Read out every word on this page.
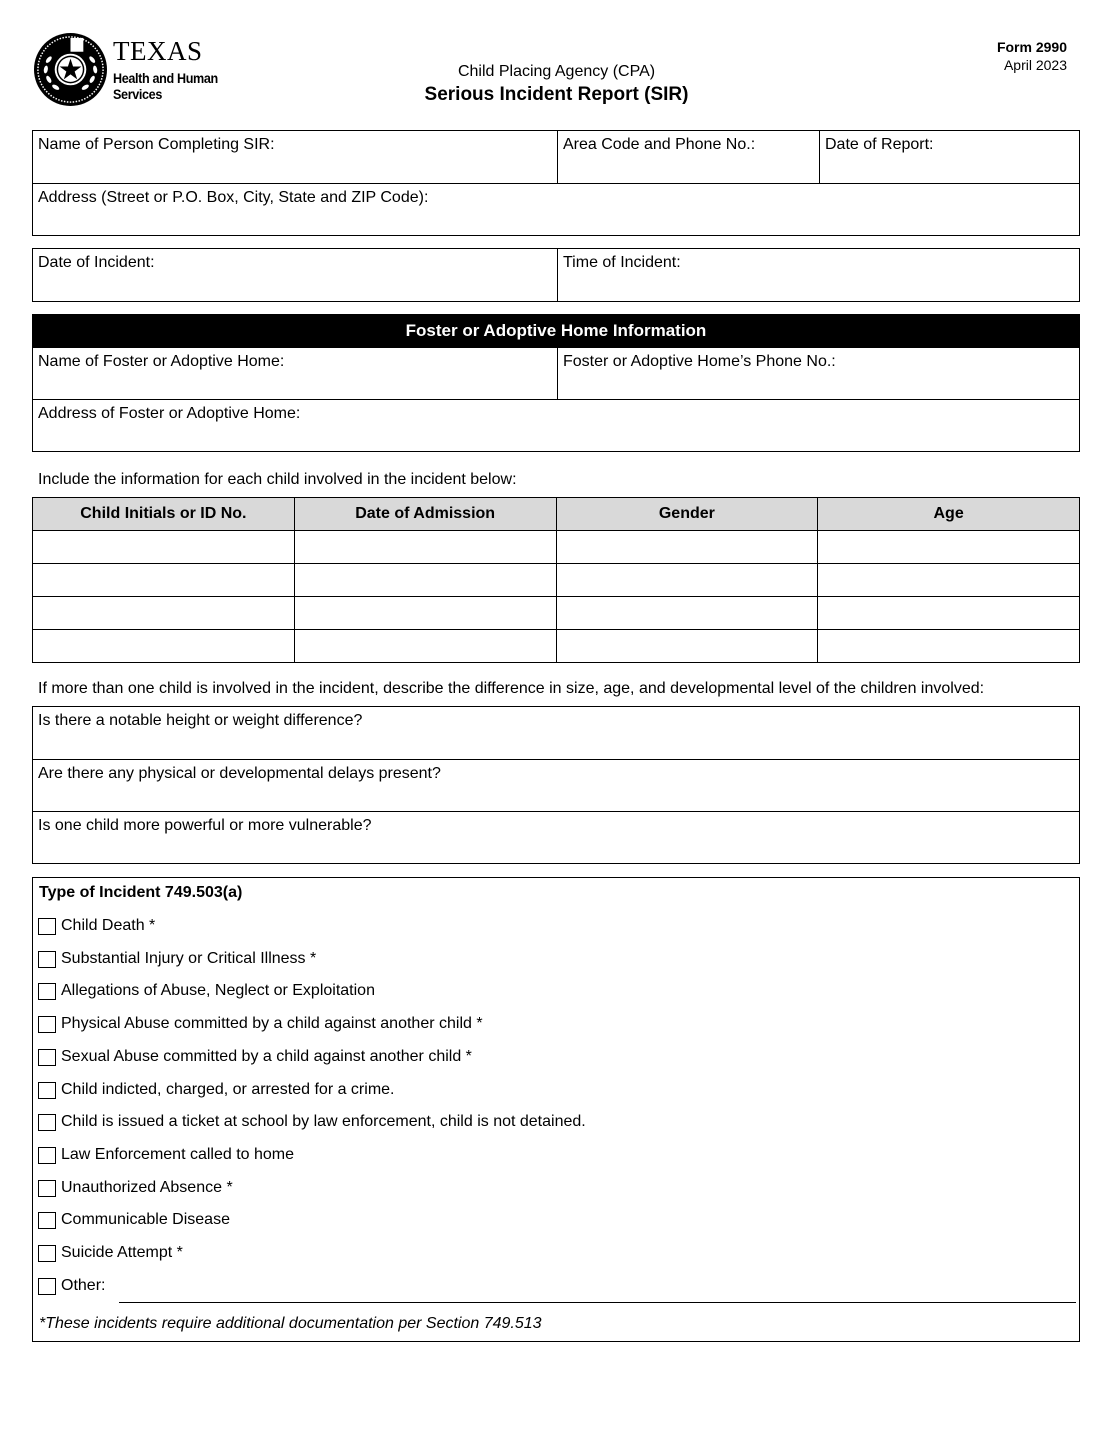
TEXAS
Health and Human
Services
Child Placing Agency (CPA)
Serious Incident Report (SIR)
Form 2990
April 2023
Name of Person Completing SIR:	Area Code and Phone No.:	Date of Report:
Address (Street or P.O. Box, City, State and ZIP Code):
Date of Incident:	Time of Incident:
Foster or Adoptive Home Information
Name of Foster or Adoptive Home:	Foster or Adoptive Home’s Phone No.:
Address of Foster or Adoptive Home:
Include the information for each child involved in the incident below:
Child Initials or ID No.	Date of Admission	Gender	Age

If more than one child is involved in the incident, describe the difference in size, age, and developmental level of the children involved:
Is there a notable height or weight difference?
Are there any physical or developmental delays present?
Is one child more powerful or more vulnerable?
Type of Incident 749.503(a)
Child Death *
Substantial Injury or Critical Illness *
Allegations of Abuse, Neglect or Exploitation
Physical Abuse committed by a child against another child *
Sexual Abuse committed by a child against another child *
Child indicted, charged, or arrested for a crime.
Child is issued a ticket at school by law enforcement, child is not detained.
Law Enforcement called to home
Unauthorized Absence *
Communicable Disease
Suicide Attempt *
Other:
*These incidents require additional documentation per Section 749.513
